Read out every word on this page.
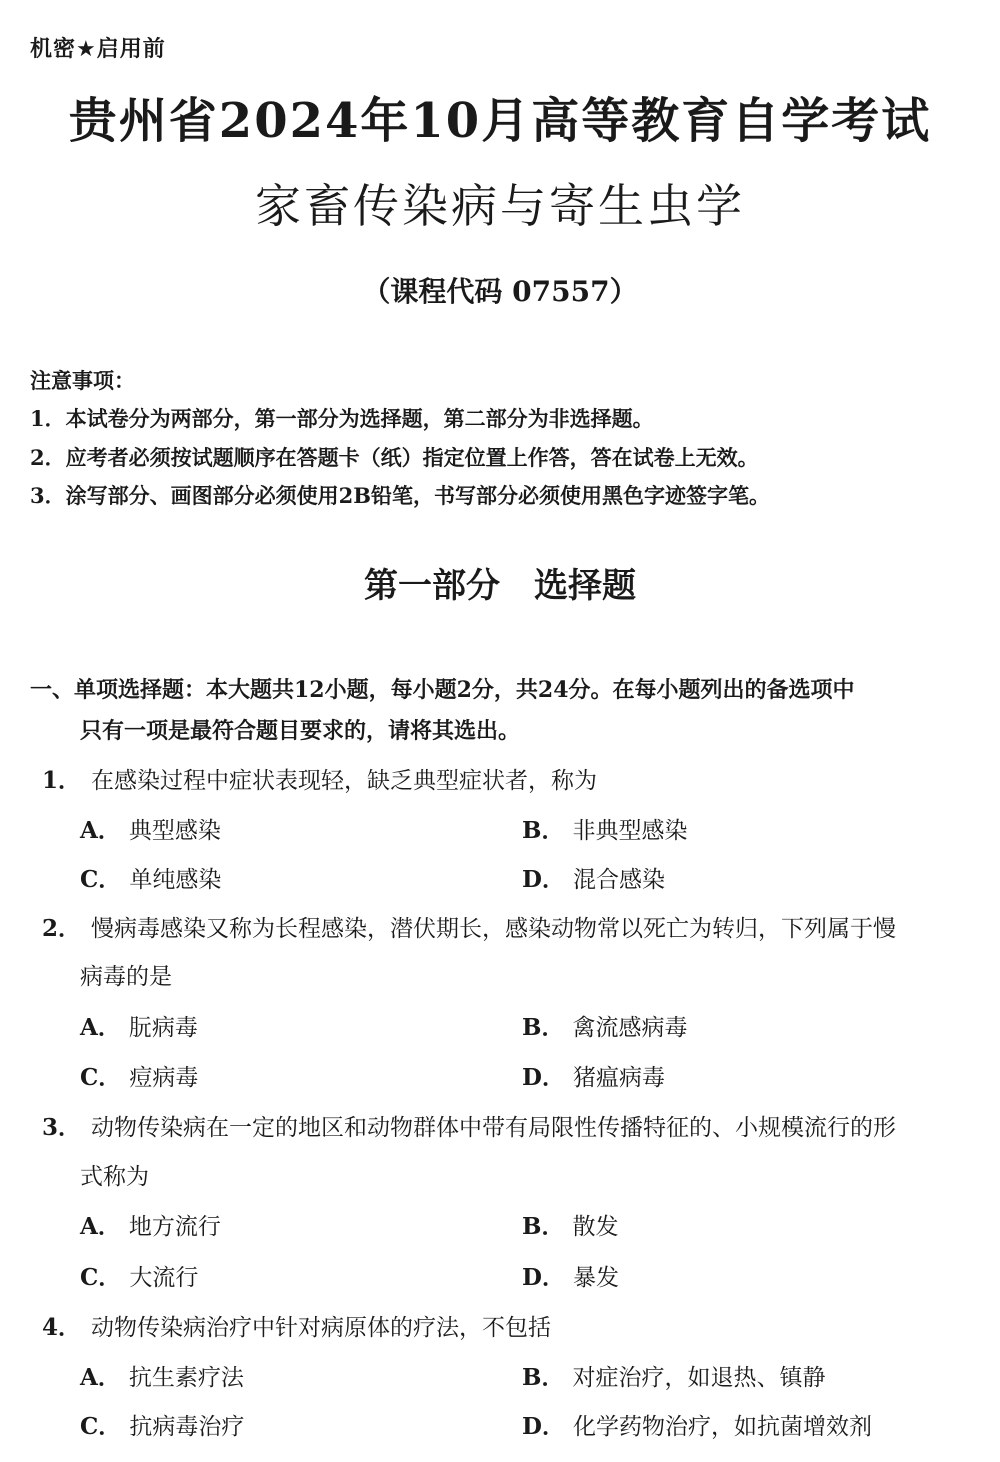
机密★启用前
贵州省2024年10月高等教育自学考试
家畜传染病与寄生虫学
（课程代码 07557）
注意事项：
1．本试卷分为两部分，第一部分为选择题，第二部分为非选择题。
2．应考者必须按试题顺序在答题卡（纸）指定位置上作答，答在试卷上无效。
3．涂写部分、画图部分必须使用2B铅笔，书写部分必须使用黑色字迹签字笔。
第一部分　选择题
一、单项选择题：本大题共12小题，每小题2分，共24分。在每小题列出的备选项中
只有一项是最符合题目要求的，请将其选出。
1． 在感染过程中症状表现轻，缺乏典型症状者，称为
A． 典型感染	B． 非典型感染
C． 单纯感染	D． 混合感染
2． 慢病毒感染又称为长程感染，潜伏期长，感染动物常以死亡为转归，下列属于慢
病毒的是
A． 朊病毒	B． 禽流感病毒
C． 痘病毒	D． 猪瘟病毒
3． 动物传染病在一定的地区和动物群体中带有局限性传播特征的、小规模流行的形
式称为
A． 地方流行	B． 散发
C． 大流行	D． 暴发
4． 动物传染病治疗中针对病原体的疗法，不包括
A． 抗生素疗法	B． 对症治疗，如退热、镇静
C． 抗病毒治疗	D． 化学药物治疗，如抗菌增效剂
